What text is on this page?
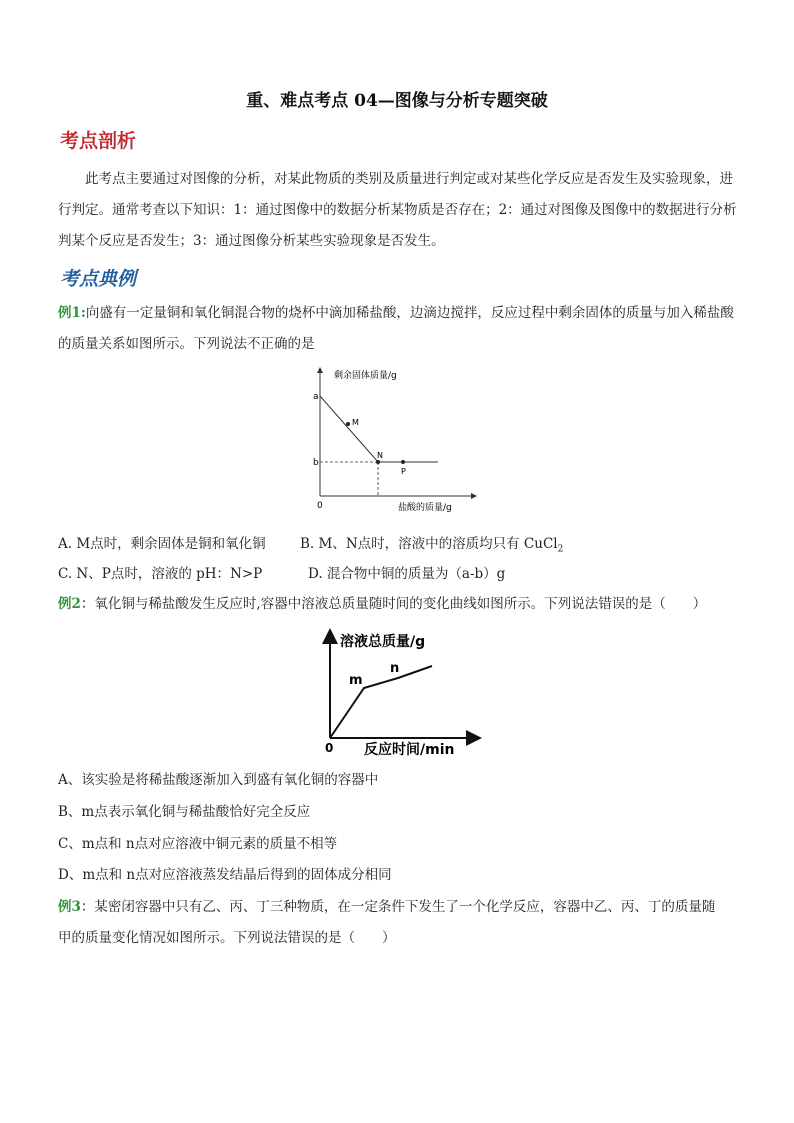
重、难点考点 04—图像与分析专题突破
考点剖析
此考点主要通过对图像的分析，对某此物质的类别及质量进行判定或对某些化学反应是否发生及实验现象，进行判定。通常考查以下知识：1：通过图像中的数据分析某物质是否存在；2：通过对图像及图像中的数据进行分析判某个反应是否发生；3：通过图像分析某些实验现象是否发生。
考点典例
例1:向盛有一定量铜和氧化铜混合物的烧杯中滴加稀盐酸，边滴边搅拌，反应过程中剩余固体的质量与加入稀盐酸的质量关系如图所示。下列说法不正确的是
剩余固体质量/g
盐酸的质量/g
0
a
b
M
N
P
A. M点时，剩余固体是铜和氧化铜	B. M、N点时，溶液中的溶质均只有 CuCl$_2$
C. N、P点时，溶液的 pH：N>P	D. 混合物中铜的质量为（a-b）g
例2：氧化铜与稀盐酸发生反应时,容器中溶液总质量随时间的变化曲线如图所示。下列说法错误的是（　　）
溶液总质量/g
反应时间/min
0
m
n
A、该实验是将稀盐酸逐渐加入到盛有氧化铜的容器中
B、m点表示氧化铜与稀盐酸恰好完全反应
C、m点和 n点对应溶液中铜元素的质量不相等
D、m点和 n点对应溶液蒸发结晶后得到的固体成分相同
例3：某密闭容器中只有乙、丙、丁三种物质，在一定条件下发生了一个化学反应，容器中乙、丙、丁的质量随
甲的质量变化情况如图所示。下列说法错误的是（　　）
